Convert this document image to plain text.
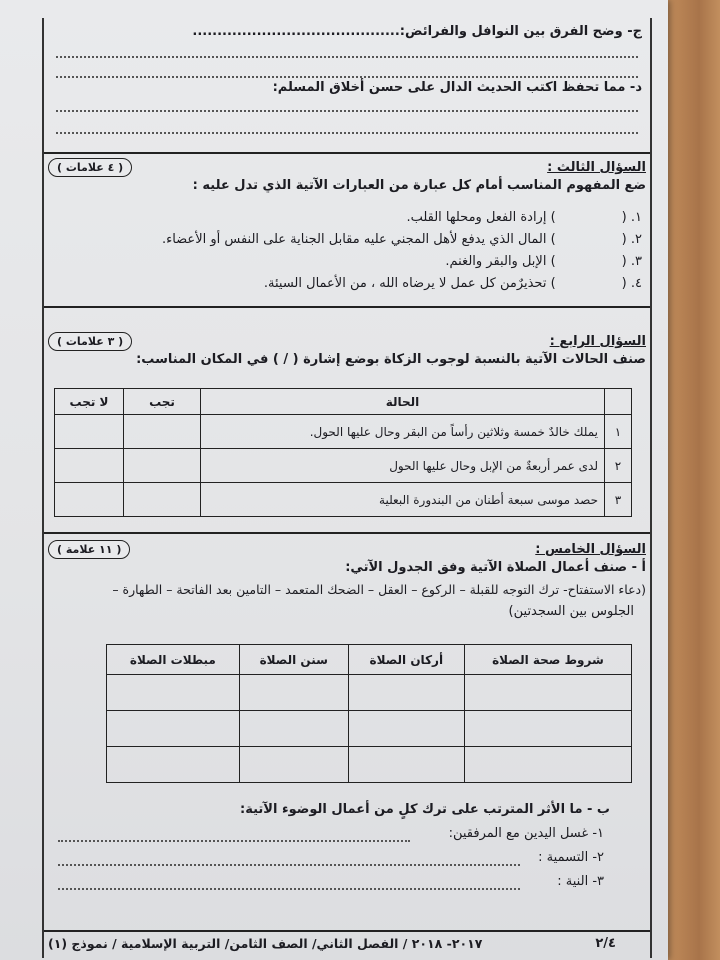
ج- وضح الفرق بين النوافل والفرائض:..........................................
د- مما تحفظ اكتب الحديث الدال على حسن أخلاق المسلم:
( ٤ علامات )	السؤال الثالث :
ضع المفهوم المناسب أمام كل عبارة من العبارات الآتية الذي تدل عليه :
١. () إرادة الفعل ومحلها القلب.
٢. () المال الذي يدفع لأهل المجني عليه مقابل الجناية على النفس أو الأعضاء.
٣. () الإبل والبقر والغنم.
٤. () تحذيرٌمن كل عمل لا يرضاه الله ، من الأعمال السيئة.
( ٣ علامات )	السؤال الرابع :
صنف الحالات الآتية بالنسبة لوجوب الزكاة بوضع إشارة ( / ) في المكان المناسب:
	الحالة	تجب	لا تجب
١	يملك خالدٌ خمسة وثلاثين رأساً من البقر وحال عليها الحول.		
٢	لدى عمر أربعةٌ من الإبل وحال عليها الحول		
٣	حصد موسى سبعة أطنان من البندورة البعلية		
( ١١ علامة )	السؤال الخامس :
أ - صنف أعمال الصلاة الآتية وفق الجدول الآتي:
(دعاء الاستفتاح- ترك التوجه للقبلة – الركوع – العقل – الضحك المتعمد – التامين بعد الفاتحة – الطهارة –
الجلوس بين السجدتين)
شروط صحة الصلاة	أركان الصلاة	سنن الصلاة	مبطلات الصلاة

ب - ما الأثر المترتب على ترك كلٍ من أعمال الوضوء الآتية:
١- غسل اليدين مع المرفقين:
٢- التسمية :
٣- النية :
٢٠١٧- ٢٠١٨ / الفصل الثاني/ الصف الثامن/ التربية الإسلامية / نموذج (١)	٢/٤
